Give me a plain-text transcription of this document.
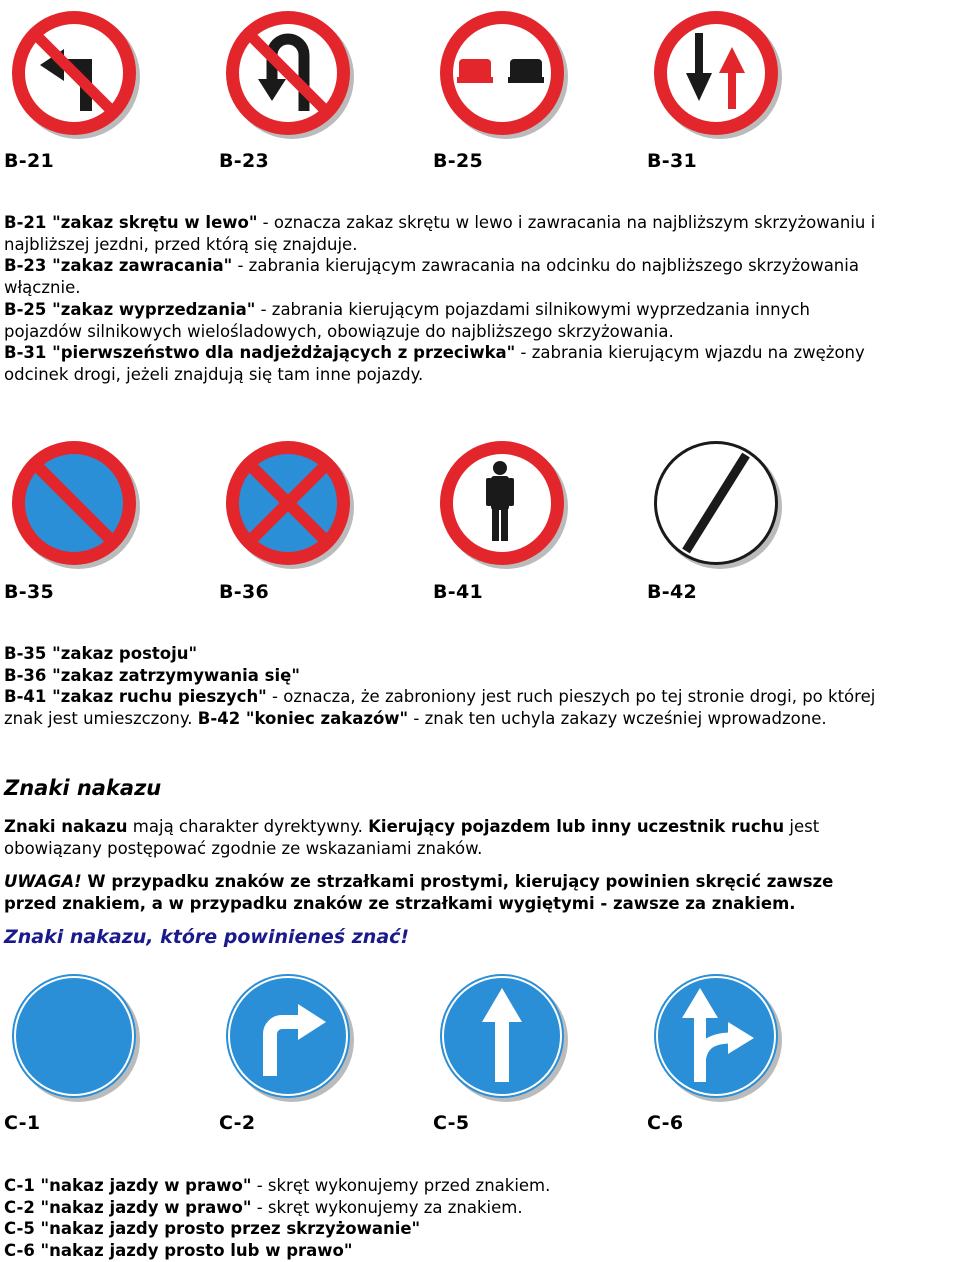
B-21	B-23	B-25	B-31
B-21 "zakaz skrętu w lewo" - oznacza zakaz skrętu w lewo i zawracania na najbliższym skrzyżowaniu i
najbliższej jezdni, przed którą się znajduje.
B-23 "zakaz zawracania" - zabrania kierującym zawracania na odcinku do najbliższego skrzyżowania
włącznie.
B-25 "zakaz wyprzedzania" - zabrania kierującym pojazdami silnikowymi wyprzedzania innych
pojazdów silnikowych wielośladowych, obowiązuje do najbliższego skrzyżowania.
B-31 "pierwszeństwo dla nadjeżdżających z przeciwka" - zabrania kierującym wjazdu na zwężony
odcinek drogi, jeżeli znajdują się tam inne pojazdy.
B-35	B-36	B-41	B-42
B-35 "zakaz postoju"
B-36 "zakaz zatrzymywania się"
B-41 "zakaz ruchu pieszych" - oznacza, że zabroniony jest ruch pieszych po tej stronie drogi, po której
znak jest umieszczony. B-42 "koniec zakazów" - znak ten uchyla zakazy wcześniej wprowadzone.
Znaki nakazu
Znaki nakazu mają charakter dyrektywny. Kierujący pojazdem lub inny uczestnik ruchu jest
obowiązany postępować zgodnie ze wskazaniami znaków.
UWAGA! W przypadku znaków ze strzałkami prostymi, kierujący powinien skręcić zawsze
przed znakiem, a w przypadku znaków ze strzałkami wygiętymi - zawsze za znakiem.
Znaki nakazu, które powinieneś znać!
C-1	C-2	C-5	C-6
C-1 "nakaz jazdy w prawo" - skręt wykonujemy przed znakiem.
C-2 "nakaz jazdy w prawo" - skręt wykonujemy za znakiem.
C-5 "nakaz jazdy prosto przez skrzyżowanie"
C-6 "nakaz jazdy prosto lub w prawo"
